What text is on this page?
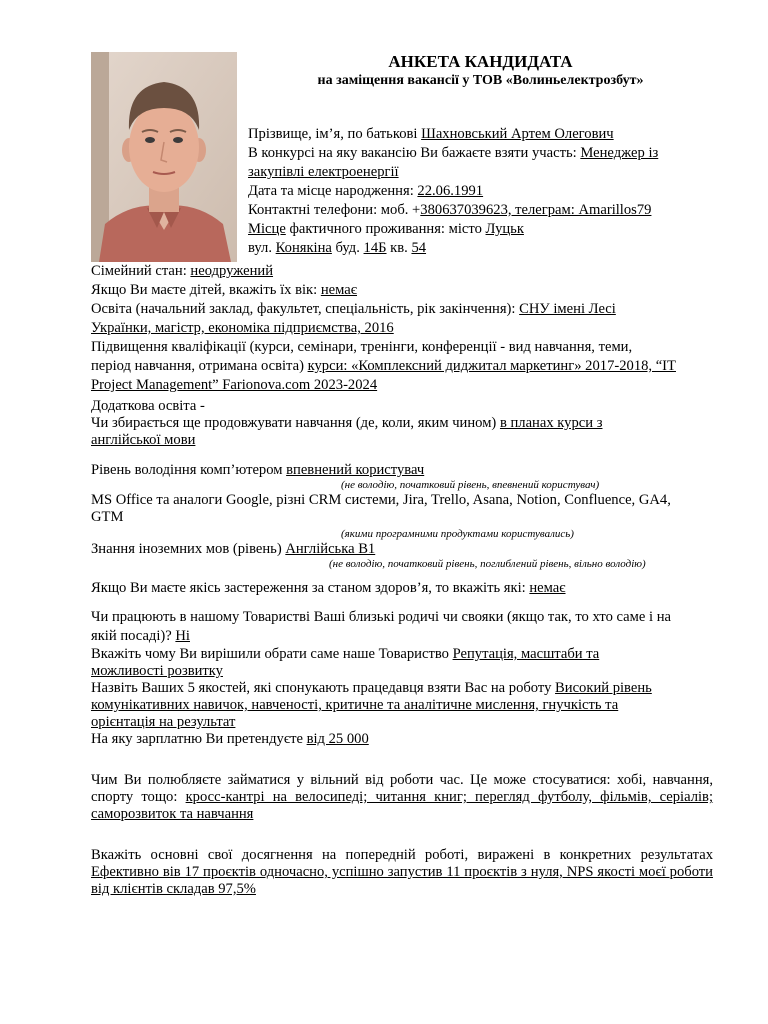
АНКЕТА КАНДИДАТА
на заміщення вакансії у ТОВ «Волиньелектрозбут»
Прізвище, ім’я, по батькові Шахновський Артем Олегович
В конкурсі на яку вакансію Ви бажаєте взяти участь: Менеджер із
закупівлі електроенергії
Дата та місце народження: 22.06.1991
Контактні телефони: моб. +380637039623, телеграм: Amarillos79
Місце фактичного проживання: місто Луцьк
вул. Конякіна буд. 14Б кв. 54
Сімейний стан: неодружений
Якщо Ви маєте дітей, вкажіть їх вік: немає
Освіта (начальний заклад, факультет, спеціальність, рік закінчення): СНУ імені Лесі
Українки, магістр, економіка підприємства, 2016
Підвищення кваліфікації (курси, семінари, тренінги, конференції - вид навчання, теми,
період навчання, отримана освіта) курси: «Комплексний диджитал маркетинг» 2017-2018, “IT
Project Management” Farionova.com 2023-2024
Додаткова освіта -
Чи збирається ще продовжувати навчання (де, коли, яким чином) в планах курси з
англійської мови
Рівень володіння комп’ютером впевнений користувач
(не володію, початковий рівень, впевнений користувач)
MS Office та аналоги Google, різні CRM системи, Jira, Trello, Asana, Notion, Confluence, GA4,
GTM
(якими програмними продуктами користувались)
Знання іноземних мов (рівень) Англійська B1
(не володію, початковий рівень, поглиблений рівень, вільно володію)
Якщо Ви маєте якісь застереження за станом здоров’я, то вкажіть які: немає
Чи працюють в нашому Товаристві Ваші близькі родичі чи свояки (якщо так, то хто саме і на
якій посаді)? Ні
Вкажіть чому Ви вирішили обрати саме наше Товариство Репутація, масштаби та
можливості розвитку
Назвіть Ваших 5 якостей, які спонукають працедавця взяти Вас на роботу Високий рівень
комунікативних навичок, навченості, критичне та аналітичне мислення, гнучкість та
орієнтація на результат
На яку зарплатню Ви претендуєте від 25 000
Чим Ви полюбляєте займатися у вільний від роботи час. Це може стосуватися: хобі, навчання, спорту тощо: кросс-кантрі на велосипеді; читання книг; перегляд футболу, фільмів, серіалів; саморозвиток та навчання
Вкажіть основні свої досягнення на попередній роботі, виражені в конкретних результатах Ефективно вів 17 проєктів одночасно, успішно запустив 11 проєктів з нуля, NPS якості моєї роботи від клієнтів складав 97,5%
